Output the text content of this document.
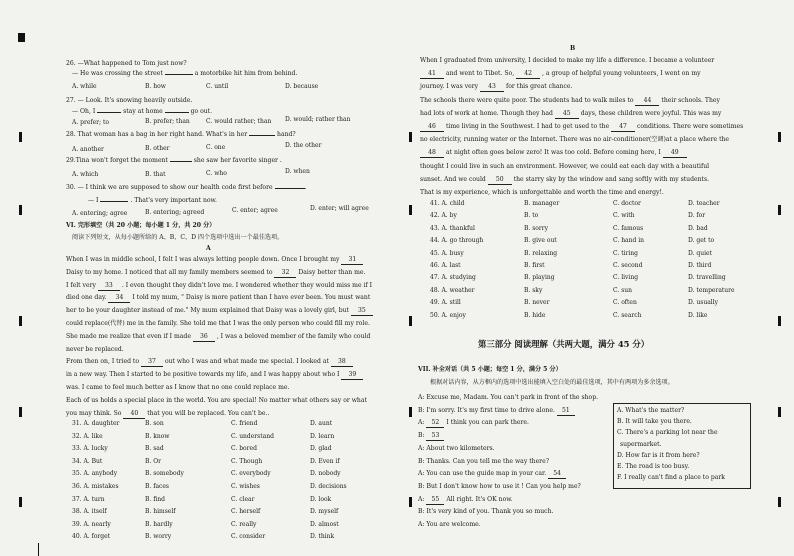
26. —What happened to Tom just now?
— He was crossing the street	a motorbike hit him from behind.
A. while	B. how	C. until	D. because
27. — Look. It's snowing heavily outside.
— Oh, I	stay at home	go out.
A. prefer; to	B. prefer; than	C. would rather; than D. would; rather than
28. That woman has a bag in her right hand. What's in her	hand?
A. another	B. other	C. one	D. the other
29.Tina won't forget the moment	she saw her favorite singer .
A. which	B. that	C. who	D. when
30. — I think we are supposed to show our health code first before	.
— I	. That's very important now.
A. entering; agree	B. entering; agreed	C. enter; agree	D. enter; will agree
VI. 完形填空（共 20 小题；每小题 1 分，共 20 分）
阅读下列短文，从每小题所给的 A、B、C、D 四个选项中选出一个最佳选项。
A
When I was in middle school, I felt I was always letting people down. Once I brought my 31
Daisy to my home. I noticed that all my family members seemed to 32 Daisy better than me.
I felt very 33 . I even thought they didn't love me. I wondered whether they would miss me if I
died one day. 34 I told my mum, " Daisy is more patient than I have ever been. You must want
her to be your daughter instead of me." My mum explained that Daisy was a lovely girl, but 35
could replace(代替) me in the family. She told me that I was the only person who could fill my role.
She made me realize that even if I made 36 , I was a beloved member of the family who could
never be replaced.
From then on, I tried to 37 out who I was and what made me special. I looked at 38
in a new way. Then I started to be positive towards my life, and I was happy about who I 39
was. I came to feel much better as I know that no one could replace me.
Each of us holds a special place in the world. You are special! No matter what others say or what
you may think. So 40 that you will be replaced. You can't be..
31. A. daughter	B. son	C. friend	D. aunt
32. A. like	B. know	C. understand	D. learn
33. A. lucky	B. sad	C. bored	D. glad
34. A. But	B. Or	C. Though	D. Even if
35. A. anybody	B. somebody	C. everybody	D. nobody
36. A. mistakes	B. faces	C. wishes	D. decisions
37. A. turn	B. find	C. clear	D. look
38. A. itself	B. himself	C. herself	D. myself
39. A. nearly	B. hardly	C. really	D. almost
40. A. forget	B. worry	C. consider	D. think
B
When I graduated from university, I decided to make my life a difference. I became a volunteer
41 and went to Tibet. So, 42 , a group of helpful young volunteers, I went on my
journey. I was very 43 for this great chance.
The schools there were quite poor. The students had to walk miles to 44 their schools. They
had lots of work at home. Though they had 45 days, these children were joyful. This was my
46 time living in the Southwest. I had to get used to the 47 conditions. There were sometimes
no electricity, running water or the Internet. There was no air-conditioner(空调)at a place where the
48 at night often goes below zero! It was too cold. Before coming here, I 49
thought I could live in such an environment. However, we could eat each day with a beautiful
sunset. And we could 50 the starry sky by the window and sang softly with my students.
That is my experience, which is unforgettable and worth the time and energy!.
41. A. child	B. manager	C. doctor	D. teacher
42. A. by	B. to	C. with	D. for
43. A. thankful	B. sorry	C. famous	D. bad
44. A. go through	B. give out	C. hand in	D. get to
45. A. busy	B. relaxing	C. tiring	D. quiet
46. A. last	B. first	C. second	D. third
47. A. studying	B. playing	C. living	D. travelling
48. A. weather	B. sky	C. sun	D. temperature
49. A. still	B. never	C. often	D. usually
50. A. enjoy	B. hide	C. search	D. like
第三部分 阅读理解（共两大题，满分 45 分）
VII. 补全对话（共 5 小题；每空 1 分，满分 5 分）
根据对话内容，从方框内的选项中选出能填入空白处的最佳选项，其中有两项为多余选项。
A: Excuse me, Madam. You can't park in front of the shop.
B: I'm sorry. It's my first time to drive alone. 51
A: 52 I think you can park there.
B: 53
A: About two kilometers.
B: Thanks. Can you tell me the way there?
A: You can use the guide map in your car. 54
B: But I don't know how to use it ! Can you help me?
A: 55 All right. It's OK now.
B: It's very kind of you. Thank you so much.
A: You are welcome.
A. What's the matter?
B. It will take you there.
C. There's a parking lot near the
supermarket.
D. How far is it from here?
E. The road is too busy.
F. I really can't find a place to park
